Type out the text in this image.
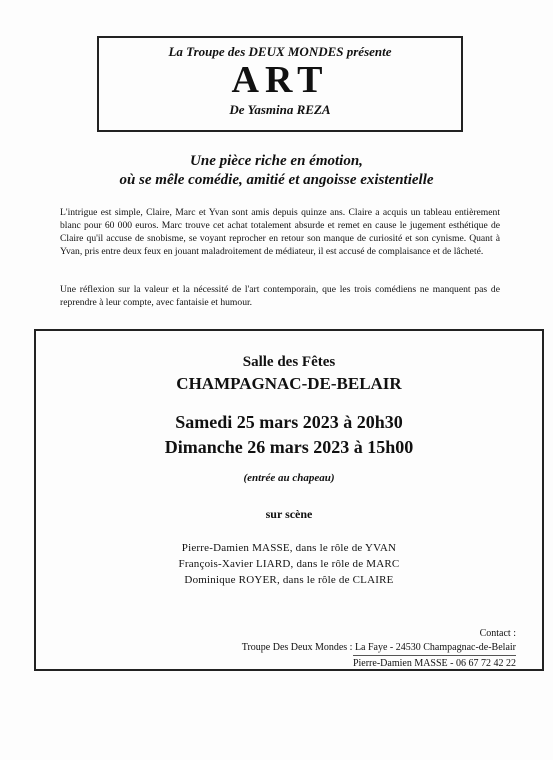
La Troupe des DEUX MONDES présente
ART
De Yasmina REZA
Une pièce riche en émotion,
où se mêle comédie, amitié et angoisse existentielle
L'intrigue est simple, Claire, Marc et Yvan sont amis depuis quinze ans. Claire a acquis un tableau entièrement blanc pour 60 000 euros. Marc trouve cet achat totalement absurde et remet en cause le jugement esthétique de Claire qu'il accuse de snobisme, se voyant reprocher en retour son manque de curiosité et son cynisme. Quant à Yvan, pris entre deux feux en jouant maladroitement de médiateur, il est accusé de complaisance et de lâcheté.
Une réflexion sur la valeur et la nécessité de l'art contemporain, que les trois comédiens ne manquent pas de reprendre à leur compte, avec fantaisie et humour.
Salle des Fêtes
CHAMPAGNAC-DE-BELAIR
Samedi 25 mars 2023 à 20h30
Dimanche 26 mars 2023 à 15h00
(entrée au chapeau)
sur scène
Pierre-Damien MASSE, dans le rôle de YVAN
François-Xavier LIARD, dans le rôle de MARC
Dominique ROYER, dans le rôle de CLAIRE
Contact :
Troupe Des Deux Mondes : La Faye - 24530 Champagnac-de-Belair
Pierre-Damien MASSE - 06 67 72 42 22
